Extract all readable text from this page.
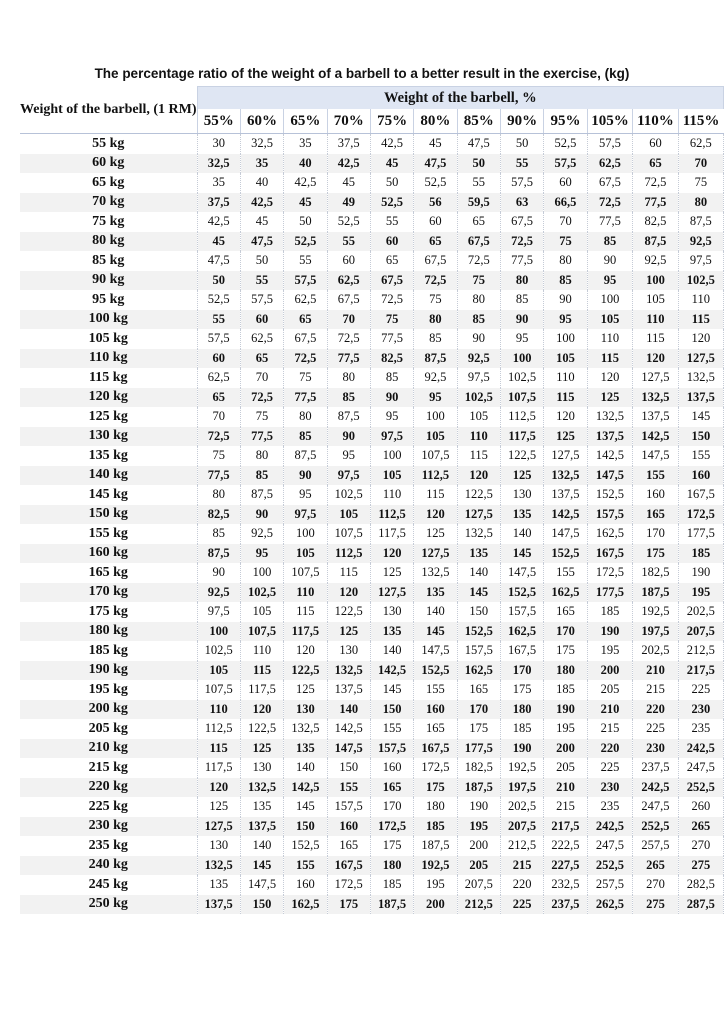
The percentage ratio of the weight of a barbell to a better result in the exercise, (kg)
Weight of the barbell, (1 RM)	Weight of the barbell, %											
	55%	60%	65%	70%	75%	80%	85%	90%	95%	105%	110%	115%
55 kg	30	32,5	35	37,5	42,5	45	47,5	50	52,5	57,5	60	62,5
60 kg	32,5	35	40	42,5	45	47,5	50	55	57,5	62,5	65	70
65 kg	35	40	42,5	45	50	52,5	55	57,5	60	67,5	72,5	75
70 kg	37,5	42,5	45	49	52,5	56	59,5	63	66,5	72,5	77,5	80
75 kg	42,5	45	50	52,5	55	60	65	67,5	70	77,5	82,5	87,5
80 kg	45	47,5	52,5	55	60	65	67,5	72,5	75	85	87,5	92,5
85 kg	47,5	50	55	60	65	67,5	72,5	77,5	80	90	92,5	97,5
90 kg	50	55	57,5	62,5	67,5	72,5	75	80	85	95	100	102,5
95 kg	52,5	57,5	62,5	67,5	72,5	75	80	85	90	100	105	110
100 kg	55	60	65	70	75	80	85	90	95	105	110	115
105 kg	57,5	62,5	67,5	72,5	77,5	85	90	95	100	110	115	120
110 kg	60	65	72,5	77,5	82,5	87,5	92,5	100	105	115	120	127,5
115 kg	62,5	70	75	80	85	92,5	97,5	102,5	110	120	127,5	132,5
120 kg	65	72,5	77,5	85	90	95	102,5	107,5	115	125	132,5	137,5
125 kg	70	75	80	87,5	95	100	105	112,5	120	132,5	137,5	145
130 kg	72,5	77,5	85	90	97,5	105	110	117,5	125	137,5	142,5	150
135 kg	75	80	87,5	95	100	107,5	115	122,5	127,5	142,5	147,5	155
140 kg	77,5	85	90	97,5	105	112,5	120	125	132,5	147,5	155	160
145 kg	80	87,5	95	102,5	110	115	122,5	130	137,5	152,5	160	167,5
150 kg	82,5	90	97,5	105	112,5	120	127,5	135	142,5	157,5	165	172,5
155 kg	85	92,5	100	107,5	117,5	125	132,5	140	147,5	162,5	170	177,5
160 kg	87,5	95	105	112,5	120	127,5	135	145	152,5	167,5	175	185
165 kg	90	100	107,5	115	125	132,5	140	147,5	155	172,5	182,5	190
170 kg	92,5	102,5	110	120	127,5	135	145	152,5	162,5	177,5	187,5	195
175 kg	97,5	105	115	122,5	130	140	150	157,5	165	185	192,5	202,5
180 kg	100	107,5	117,5	125	135	145	152,5	162,5	170	190	197,5	207,5
185 kg	102,5	110	120	130	140	147,5	157,5	167,5	175	195	202,5	212,5
190 kg	105	115	122,5	132,5	142,5	152,5	162,5	170	180	200	210	217,5
195 kg	107,5	117,5	125	137,5	145	155	165	175	185	205	215	225
200 kg	110	120	130	140	150	160	170	180	190	210	220	230
205 kg	112,5	122,5	132,5	142,5	155	165	175	185	195	215	225	235
210 kg	115	125	135	147,5	157,5	167,5	177,5	190	200	220	230	242,5
215 kg	117,5	130	140	150	160	172,5	182,5	192,5	205	225	237,5	247,5
220 kg	120	132,5	142,5	155	165	175	187,5	197,5	210	230	242,5	252,5
225 kg	125	135	145	157,5	170	180	190	202,5	215	235	247,5	260
230 kg	127,5	137,5	150	160	172,5	185	195	207,5	217,5	242,5	252,5	265
235 kg	130	140	152,5	165	175	187,5	200	212,5	222,5	247,5	257,5	270
240 kg	132,5	145	155	167,5	180	192,5	205	215	227,5	252,5	265	275
245 kg	135	147,5	160	172,5	185	195	207,5	220	232,5	257,5	270	282,5
250 kg	137,5	150	162,5	175	187,5	200	212,5	225	237,5	262,5	275	287,5
